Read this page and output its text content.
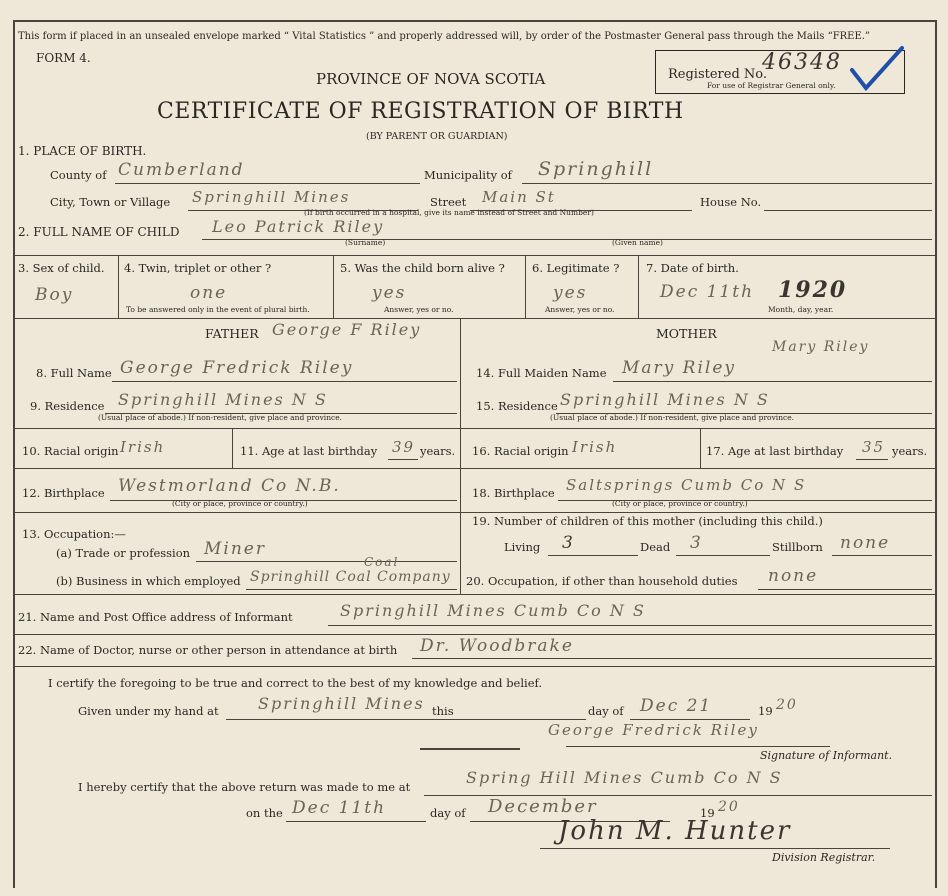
This form if placed in an unsealed envelope marked “ Vital Statistics ” and properly addressed will, by order of the Postmaster General pass through the Mails “FREE.”
FORM 4.
PROVINCE OF NOVA SCOTIA
CERTIFICATE OF REGISTRATION OF BIRTH
(BY PARENT OR GUARDIAN)
Registered No.
46348
For use of Registrar General only.
1. PLACE OF BIRTH.
County of Cumberland	Municipality of Springhill
City, Town or Village Springhill Mines	Street Main St	House No.
(If birth occurred in a hospital, give its name instead of Street and Number)
2. FULL NAME OF CHILD Leo Patrick Riley
(Surname)	(Given name)
3. Sex of child.
Boy
4. Twin, triplet or other ?
one
To be answered only in the event of plural birth.
5. Was the child born alive ?
yes
Answer, yes or no.
6. Legitimate ?
yes
Answer, yes or no.
7. Date of birth.
Dec 11th 1920
Month, day, year.
FATHER George F Riley	MOTHER
Mary Riley
8. Full Name George Fredrick Riley
9. Residence Springhill Mines N S
(Usual place of abode.) If non-resident, give place and province.
10. Racial origin Irish	11. Age at last birthday 39 years.
12. Birthplace Westmorland Co N.B.
(City or place, province or country.)
13. Occupation:—
(a) Trade or profession Miner
(b) Business in which employed Springhill Coal Company
Coal
14. Full Maiden Name Mary Riley
15. Residence Springhill Mines N S
(Usual place of abode.) If non-resident, give place and province.
16. Racial origin Irish	17. Age at last birthday 35 years.
18. Birthplace Saltsprings Cumb Co N S
(City or place, province or country.)
19. Number of children of this mother (including this child.)
Living 3	Dead 3	Stillborn none
20. Occupation, if other than household duties none
21. Name and Post Office address of Informant	Springhill Mines Cumb Co N S
22. Name of Doctor, nurse or other person in attendance at birth Dr. Woodbrake
I certify the foregoing to be true and correct to the best of my knowledge and belief.
Given under my hand at Springhill Mines this	day of Dec 21	19 20
George Fredrick Riley
Signature of Informant.
I hereby certify that the above return was made to me at	Spring Hill Mines Cumb Co N S
on the Dec 11th	day of December	19 20
John M. Hunter
Division Registrar.
